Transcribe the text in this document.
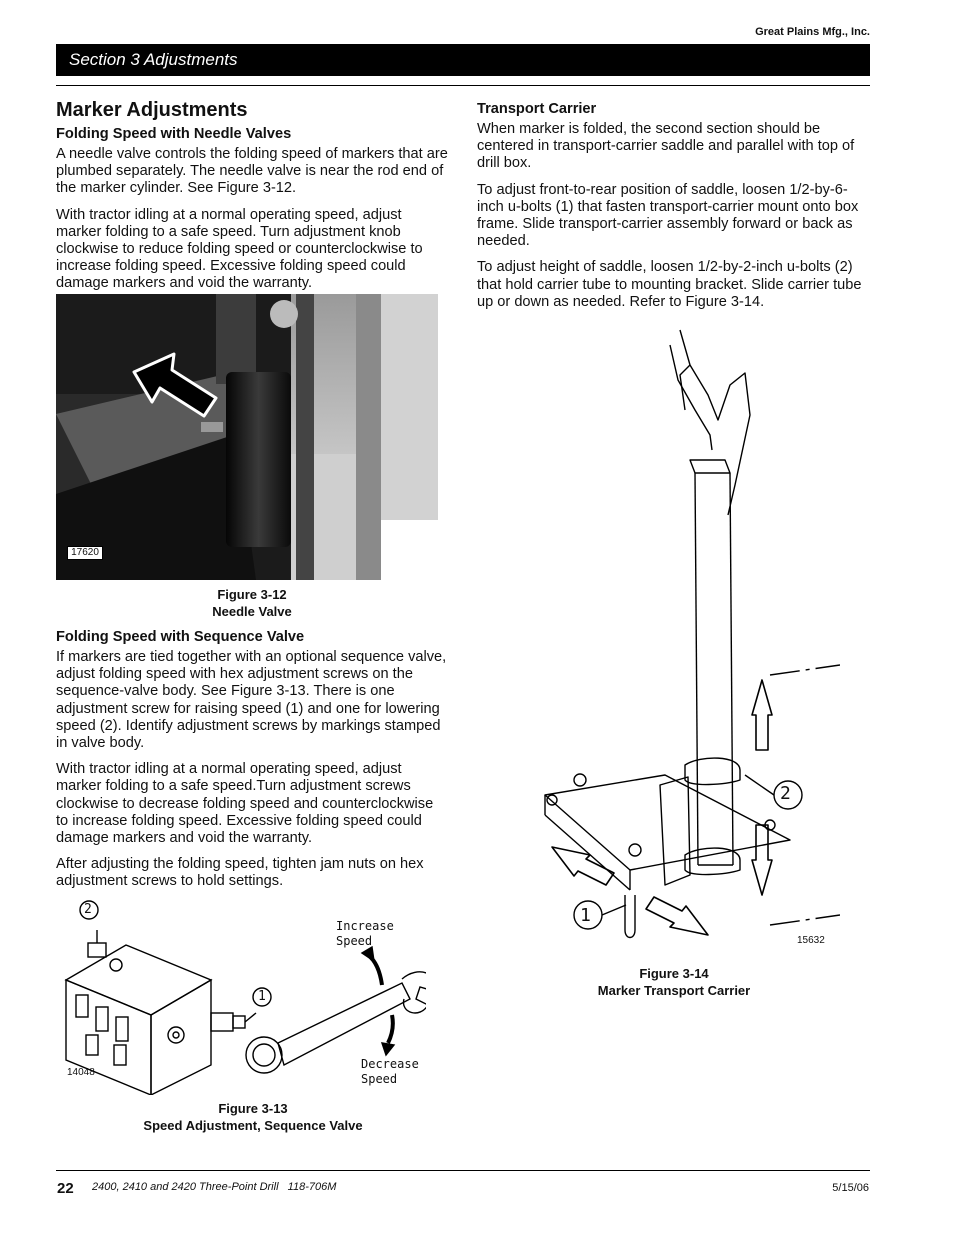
Great Plains Mfg., Inc.
Section 3 Adjustments
Marker Adjustments
Folding Speed with Needle Valves

A needle valve controls the folding speed of markers that are plumbed separately. The needle valve is near the rod end of the marker cylinder. See Figure 3-12.

With tractor idling at a normal operating speed, adjust marker folding to a safe speed. Turn adjustment knob clockwise to reduce folding speed or counterclockwise to increase folding speed. Excessive folding speed could damage markers and void the warranty.

17620
Figure 3-12
Needle Valve
Folding Speed with Sequence Valve

If markers are tied together with an optional sequence valve, adjust folding speed with hex adjustment screws on the sequence-valve body. See Figure 3-13. There is one adjustment screw for raising speed (1) and one for lowering speed (2). Identify adjustment screws by markings stamped in valve body.

With tractor idling at a normal operating speed, adjust marker folding to a safe speed.Turn adjustment screws clockwise to decrease folding speed and counterclockwise to increase folding speed. Excessive folding speed could damage markers and void the warranty.

After adjusting the folding speed, tighten jam nuts on hex adjustment screws to hold settings.

2
1
Increase
Speed
Decrease
Speed
14048
Figure 3-13
Speed Adjustment, Sequence Valve
Transport Carrier

When marker is folded, the second section should be centered in transport-carrier saddle and parallel with top of drill box.

To adjust front-to-rear position of saddle, loosen 1/2-by-6-inch u-bolts (1) that fasten transport-carrier mount onto box frame. Slide transport-carrier assembly forward or back as needed.

To adjust height of saddle, loosen 1/2-by-2-inch u-bolts (2) that hold carrier tube to mounting bracket. Slide carrier tube up or down as needed. Refer to Figure 3-14.

1
2
15632
Figure 3-14
Marker Transport Carrier
22 2400, 2410 and 2420 Three-Point Drill   118-706M	5/15/06
